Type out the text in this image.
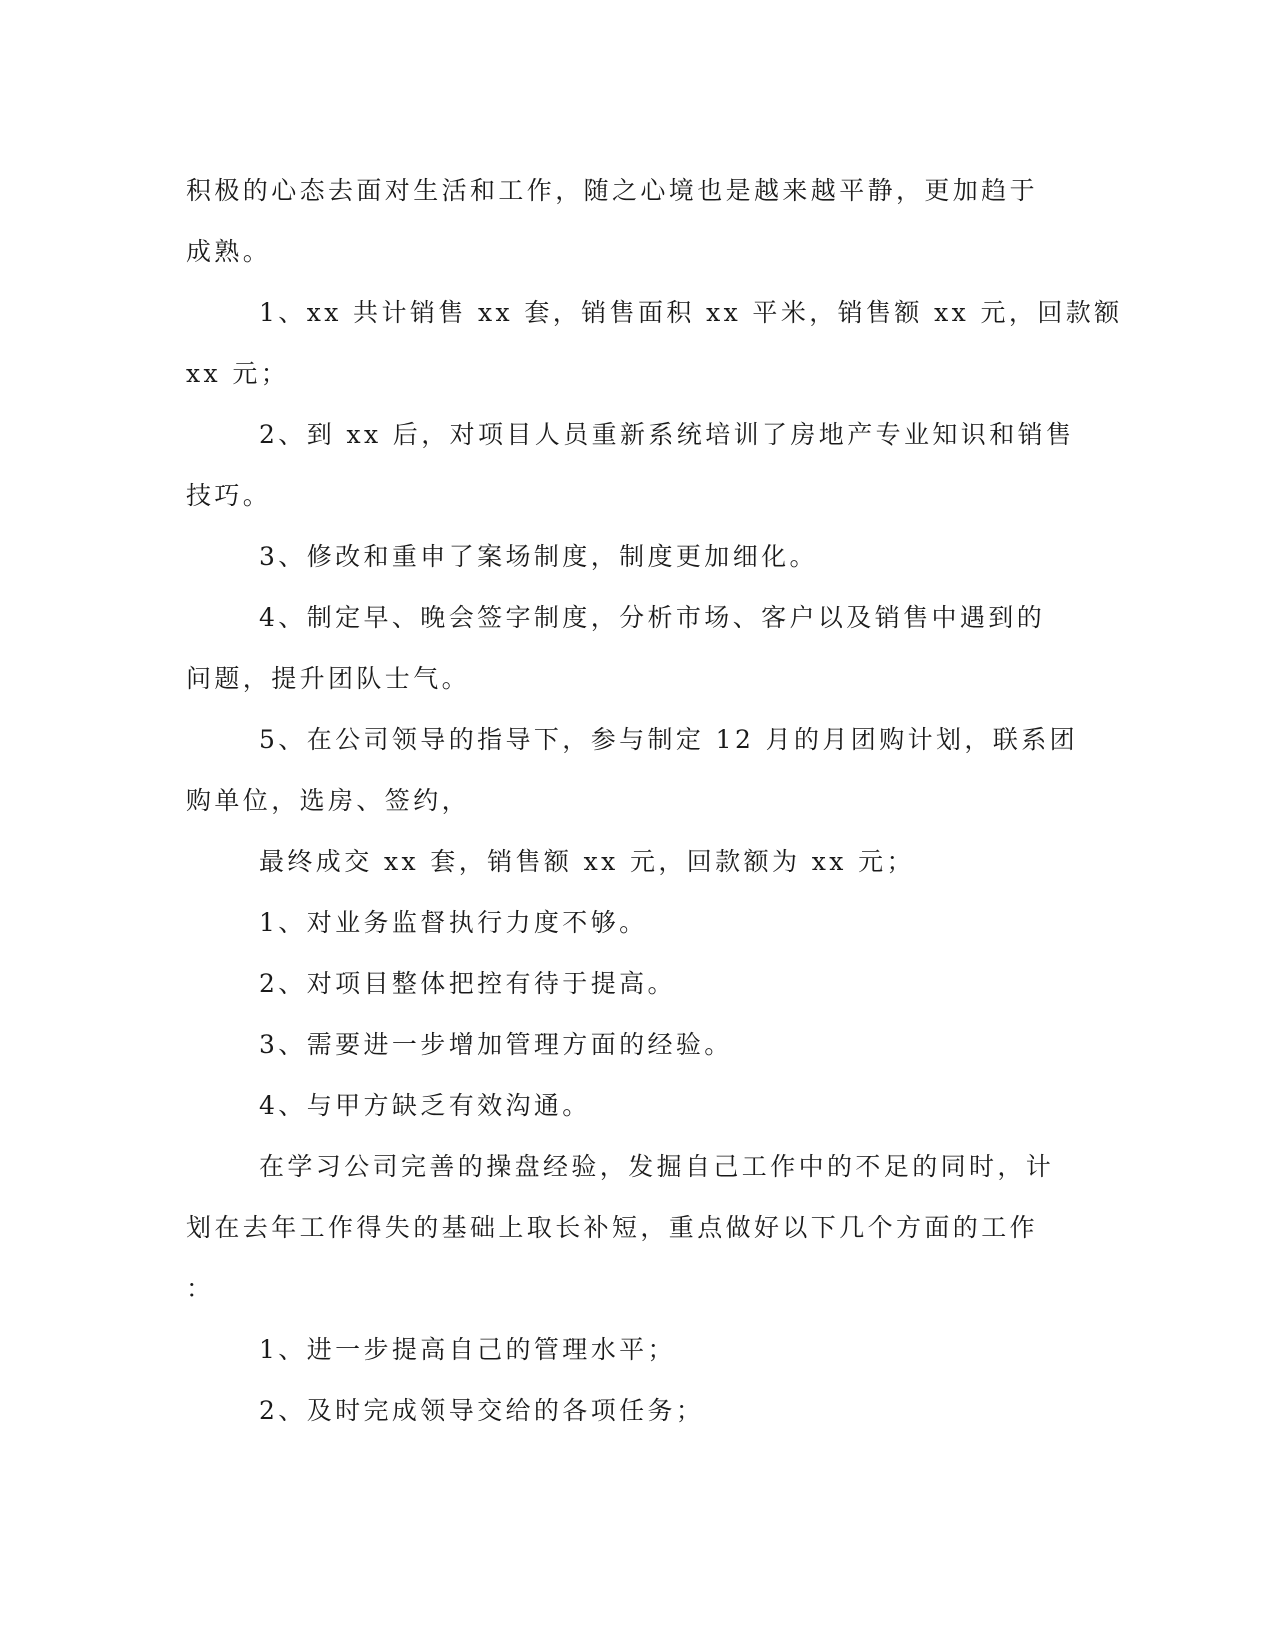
积极的心态去面对生活和工作，随之心境也是越来越平静，更加趋于
成熟。
1、xx 共计销售 xx 套，销售面积 xx 平米，销售额 xx 元，回款额
xx 元；
2、到 xx 后，对项目人员重新系统培训了房地产专业知识和销售
技巧。
3、修改和重申了案场制度，制度更加细化。
4、制定早、晚会签字制度，分析市场、客户以及销售中遇到的
问题，提升团队士气。
5、在公司领导的指导下，参与制定 12 月的月团购计划，联系团
购单位，选房、签约，
最终成交 xx 套，销售额 xx 元，回款额为 xx 元；
1、对业务监督执行力度不够。
2、对项目整体把控有待于提高。
3、需要进一步增加管理方面的经验。
4、与甲方缺乏有效沟通。
在学习公司完善的操盘经验，发掘自己工作中的不足的同时，计
划在去年工作得失的基础上取长补短，重点做好以下几个方面的工作
：
1、进一步提高自己的管理水平；
2、及时完成领导交给的各项任务；
